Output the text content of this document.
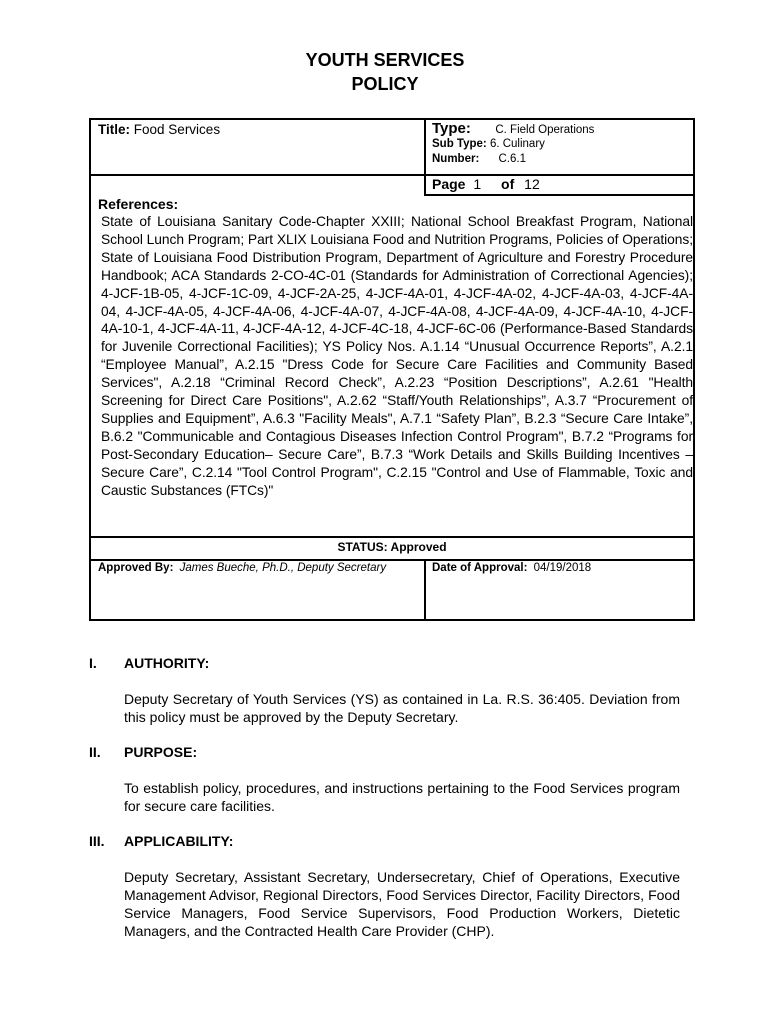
YOUTH SERVICES
POLICY
Title: Food Services	Type: C. Field Operations
Sub Type: 6. Culinary
Number: C.6.1
Page 1 of 12
References:
State of Louisiana Sanitary Code-Chapter XXIII; National School Breakfast Program, National School Lunch Program; Part XLIX Louisiana Food and Nutrition Programs, Policies of Operations; State of Louisiana Food Distribution Program, Department of Agriculture and Forestry Procedure Handbook; ACA Standards 2-CO-4C-01 (Standards for Administration of Correctional Agencies); 4-JCF-1B-05, 4-JCF-1C-09, 4-JCF-2A-25, 4-JCF-4A-01, 4-JCF-4A-02, 4-JCF-4A-03, 4-JCF-4A-04, 4-JCF-4A-05, 4-JCF-4A-06, 4-JCF-4A-07, 4-JCF-4A-08, 4-JCF-4A-09, 4-JCF-4A-10, 4-JCF-4A-10-1, 4-JCF-4A-11, 4-JCF-4A-12, 4-JCF-4C-18, 4-JCF-6C-06 (Performance-Based Standards for Juvenile Correctional Facilities); YS Policy Nos. A.1.14 “Unusual Occurrence Reports”, A.2.1 “Employee Manual”, A.2.15 "Dress Code for Secure Care Facilities and Community Based Services", A.2.18 “Criminal Record Check”, A.2.23 “Position Descriptions”, A.2.61 "Health Screening for Direct Care Positions", A.2.62 “Staff/Youth Relationships”, A.3.7 “Procurement of Supplies and Equipment”, A.6.3 "Facility Meals", A.7.1 “Safety Plan”, B.2.3 “Secure Care Intake”, B.6.2 "Communicable and Contagious Diseases Infection Control Program", B.7.2 “Programs for Post-Secondary Education– Secure Care”, B.7.3 “Work Details and Skills Building Incentives – Secure Care”, C.2.14 "Tool Control Program", C.2.15 "Control and Use of Flammable, Toxic and Caustic Substances (FTCs)"
STATUS: Approved
Approved By: James Bueche, Ph.D., Deputy Secretary	Date of Approval: 04/19/2018
I. AUTHORITY:
Deputy Secretary of Youth Services (YS) as contained in La. R.S. 36:405. Deviation from this policy must be approved by the Deputy Secretary.
II. PURPOSE:
To establish policy, procedures, and instructions pertaining to the Food Services program for secure care facilities.
III. APPLICABILITY:
Deputy Secretary, Assistant Secretary, Undersecretary, Chief of Operations, Executive Management Advisor, Regional Directors, Food Services Director, Facility Directors, Food Service Managers, Food Service Supervisors, Food Production Workers, Dietetic Managers, and the Contracted Health Care Provider (CHP).
